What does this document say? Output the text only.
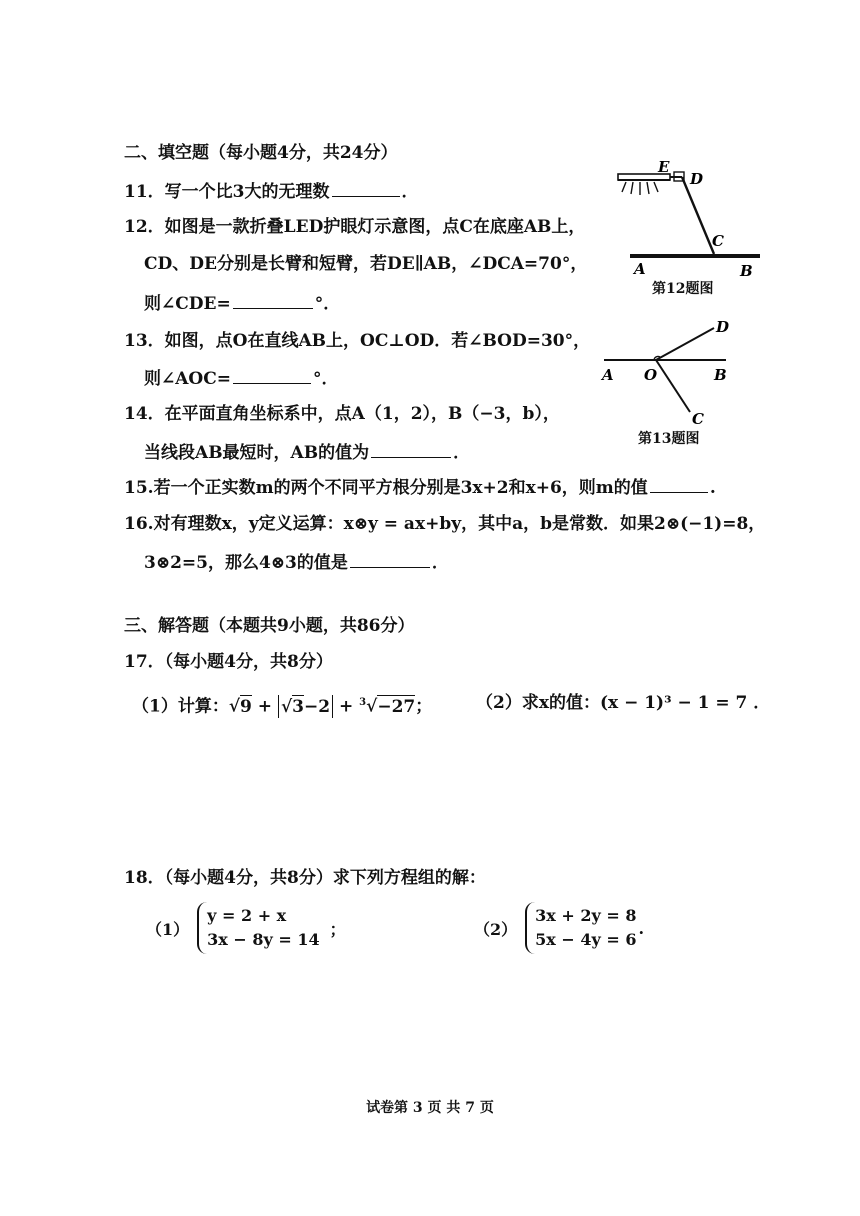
二、填空题（每小题4分，共24分）
11．写一个比3大的无理数	．
12．如图是一款折叠LED护眼灯示意图，点C在底座AB上，
CD、DE分别是长臂和短臂，若DE∥AB，∠DCA=70°，
则∠CDE=	°．
13．如图，点O在直线AB上，OC⊥OD．若∠BOD=30°，
则∠AOC=	°．
14．在平面直角坐标系中，点A（1，2），B（−3，b），
当线段AB最短时，AB的值为	．
15.若一个正实数m的两个不同平方根分别是3x+2和x+6，则m的值	.
16.对有理数x，y定义运算：x⊗y = ax+by，其中a，b是常数．如果2⊗(−1)=8，
3⊗2=5，那么4⊗3的值是	．
E
D
C
A	B
第12题图
A O	B
C
D
第13题图
三、解答题（本题共9小题，共86分）
17．（每小题4分，共8分）
（1）计算：√9 + √3−2 + $^3$√−27；	（2）求x的值：(x − 1)³ − 1 = 7 ．
18．（每小题4分，共8分）求下列方程组的解：
（1）
y = 2 + x
3x − 8y = 14
；	（2）
3x + 2y = 8
5x − 4y = 6
.
试卷第 3 页 共 7 页
